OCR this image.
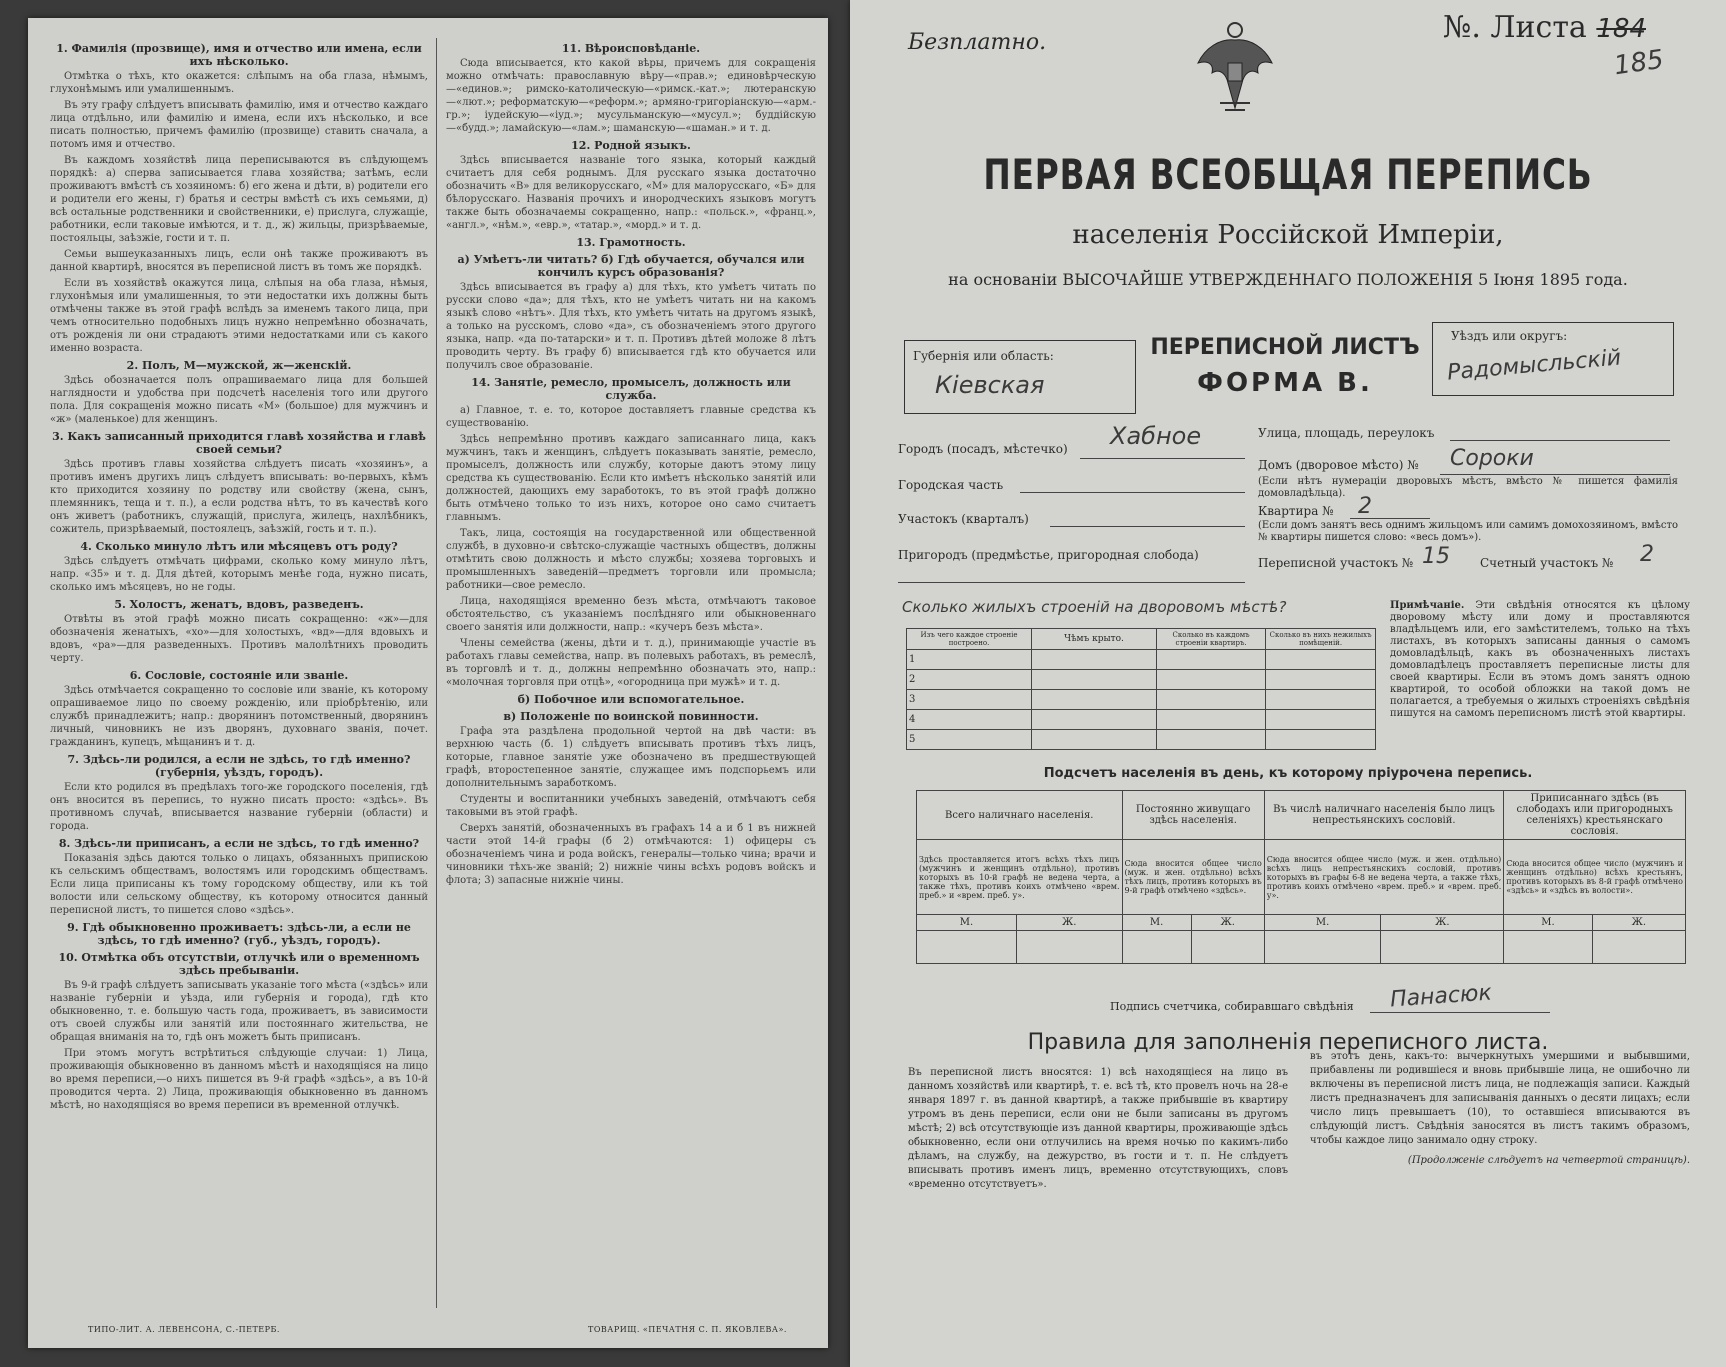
1. Фамилія (прозвище), имя и отчество или имена, если ихъ нѣсколько.

Отмѣтка о тѣхъ, кто окажется: слѣпымъ на оба глаза, нѣмымъ, глухонѣмымъ или умалишеннымъ.

Въ эту графу слѣдуетъ вписывать фамилію, имя и отчество каждаго лица отдѣльно, или фамилію и имена, если ихъ нѣсколько, и все писать полностью, причемъ фамилію (прозвище) ставить сначала, а потомъ имя и отчество.

Въ каждомъ хозяйствѣ лица переписываются въ слѣдующемъ порядкѣ: а) сперва записывается глава хозяйства; затѣмъ, если проживаютъ вмѣстѣ съ хозяиномъ: б) его жена и дѣти, в) родители его и родители его жены, г) братья и сестры вмѣстѣ съ ихъ семьями, д) всѣ остальные родственники и свойственники, е) прислуга, служащіе, работники, если таковые имѣются, и т. д., ж) жильцы, призрѣваемые, постояльцы, заѣзжіе, гости и т. п.

Семьи вышеуказанныхъ лицъ, если онѣ также проживаютъ въ данной квартирѣ, вносятся въ переписной листъ въ томъ же порядкѣ.

Если въ хозяйствѣ окажутся лица, слѣпыя на оба глаза, нѣмыя, глухонѣмыя или умалишенныя, то эти недостатки ихъ должны быть отмѣчены также въ этой графѣ вслѣдъ за именемъ такого лица, при чемъ относительно подобныхъ лицъ нужно непремѣнно обозначать, отъ рожденія ли они страдаютъ этими недостатками или съ какого именно возраста.

2. Полъ, М—мужской, ж—женскій.

Здѣсь обозначается полъ опрашиваемаго лица для большей наглядности и удобства при подсчетѣ населенія того или другого пола. Для сокращенія можно писать «М» (большое) для мужчинъ и «ж» (маленькое) для женщинъ.

3. Какъ записанный приходится главѣ хозяйства и главѣ своей семьи?

Здѣсь противъ главы хозяйства слѣдуетъ писать «хозяинъ», а противъ именъ другихъ лицъ слѣдуетъ вписывать: во-первыхъ, кѣмъ кто приходится хозяину по родству или свойству (жена, сынъ, племянникъ, теща и т. п.), а если родства нѣтъ, то въ качествѣ кого онъ живетъ (работникъ, служащій, прислуга, жилецъ, нахлѣбникъ, сожитель, призрѣваемый, постоялецъ, заѣзжій, гость и т. п.).

4. Сколько минуло лѣтъ или мѣсяцевъ отъ роду?

Здѣсь слѣдуетъ отмѣчать цифрами, сколько кому минуло лѣтъ, напр. «35» и т. д. Для дѣтей, которымъ менѣе года, нужно писать, сколько имъ мѣсяцевъ, но не годы.

5. Холостъ, женатъ, вдовъ, разведенъ.

Отвѣты въ этой графѣ можно писать сокращенно: «ж»—для обозначенія женатыхъ, «хо»—для холостыхъ, «вд»—для вдовыхъ и вдовъ, «ра»—для разведенныхъ. Противъ малолѣтнихъ проводить черту.

6. Сословіе, состояніе или званіе.

Здѣсь отмѣчается сокращенно то сословіе или званіе, къ которому опрашиваемое лицо по своему рожденію, или пріобрѣтенію, или службѣ принадлежитъ; напр.: дворянинъ потомственный, дворянинъ личный, чиновникъ не изъ дворянъ, духовнаго званія, почет. гражданинъ, купецъ, мѣщанинъ и т. д.

7. Здѣсь-ли родился, а если не здѣсь, то гдѣ именно? (губернія, уѣздъ, городъ).

Если кто родился въ предѣлахъ того-же городского поселенія, гдѣ онъ вносится въ перепись, то нужно писать просто: «здѣсь». Въ противномъ случаѣ, вписывается название губерніи (области) и города.

8. Здѣсь-ли приписанъ, а если не здѣсь, то гдѣ именно?

Показанія здѣсь даются только о лицахъ, обязанныхъ припискою къ сельскимъ обществамъ, волостямъ или городскимъ обществамъ. Если лица приписаны къ тому городскому обществу, или къ той волости или сельскому обществу, къ которому относится данный переписной листъ, то пишется слово «здѣсь».

9. Гдѣ обыкновенно проживаетъ: здѣсь-ли, а если не здѣсь, то гдѣ именно? (губ., уѣздъ, городъ).
10. Отмѣтка объ отсутствіи, отлучкѣ или о временномъ здѣсь пребываніи.

Въ 9-й графѣ слѣдуетъ записывать указаніе того мѣста («здѣсь» или названіе губерніи и уѣзда, или губернія и города), гдѣ кто обыкновенно, т. е. большую часть года, проживаетъ, въ зависимости отъ своей службы или занятій или постояннаго жительства, не обращая вниманія на то, гдѣ онъ можетъ быть приписанъ.

При этомъ могутъ встрѣтиться слѣдующіе случаи: 1) Лица, проживающія обыкновенно въ данномъ мѣстѣ и находящіяся на лицо во время переписи,—о нихъ пишется въ 9-й графѣ «здѣсь», а въ 10-й проводится черта. 2) Лица, проживающія обыкновенно въ данномъ мѣстѣ, но находящіяся во время переписи въ временной отлучкѣ.

11. Вѣроисповѣданіе.

Сюда вписывается, кто какой вѣры, причемъ для сокращенія можно отмѣчать: православную вѣру—«прав.»; единовѣрческую—«единов.»; римско-католическую—«римск.-кат.»; лютеранскую—«лют.»; реформатскую—«реформ.»; армяно-григоріанскую—«арм.-гр.»; іудейскую—«іуд.»; мусульманскую—«мусул.»; буддійскую—«будд.»; ламайскую—«лам.»; шаманскую—«шаман.» и т. д.

12. Родной языкъ.

Здѣсь вписывается названіе того языка, который каждый считаетъ для себя роднымъ. Для русскаго языка достаточно обозначить «В» для великорусскаго, «М» для малорусскаго, «Б» для бѣлорусскаго. Названія прочихъ и инородческихъ языковъ могутъ также быть обозначаемы сокращенно, напр.: «польск.», «франц.», «англ.», «нѣм.», «евр.», «татар.», «морд.» и т. д.

13. Грамотность.
а) Умѣетъ-ли читать? б) Гдѣ обучается, обучался или кончилъ курсъ образованія?

Здѣсь вписывается въ графу а) для тѣхъ, кто умѣетъ читать по русски слово «да»; для тѣхъ, кто не умѣетъ читать ни на какомъ языкѣ слово «нѣтъ». Для тѣхъ, кто умѣетъ читать на другомъ языкѣ, а только на русскомъ, слово «да», съ обозначеніемъ этого другого языка, напр. «да по-татарски» и т. п. Противъ дѣтей моложе 8 лѣтъ проводить черту. Въ графу б) вписывается гдѣ кто обучается или получилъ свое образованіе.

14. Занятіе, ремесло, промыселъ, должность или служба.

а) Главное, т. е. то, которое доставляетъ главные средства къ существованію.

Здѣсь непремѣнно противъ каждаго записаннаго лица, какъ мужчинъ, такъ и женщинъ, слѣдуетъ показывать занятіе, ремесло, промыселъ, должность или службу, которые даютъ этому лицу средства къ существованію. Если кто имѣетъ нѣсколько занятій или должностей, дающихъ ему заработокъ, то въ этой графѣ должно быть отмѣчено только то изъ нихъ, которое оно само считаетъ главнымъ.

Такъ, лица, состоящія на государственной или общественной службѣ, в духовно-и свѣтско-служащіе частныхъ обществъ, должны отмѣтить свою должность и мѣсто службы; хозяева торговыхъ и промышленныхъ заведеній—предметъ торговли или промысла; работники—свое ремесло.

Лица, находящіяся временно безъ мѣста, отмѣчаютъ таковое обстоятельство, съ указаніемъ послѣдняго или обыкновеннаго своего занятія или должности, напр.: «кучеръ безъ мѣста».

Члены семейства (жены, дѣти и т. д.), принимающіе участіе въ работахъ главы семейства, напр. въ полевыхъ работахъ, въ ремеслѣ, въ торговлѣ и т. д., должны непремѣнно обозначать это, напр.: «молочная торговля при отцѣ», «огородница при мужѣ» и т. д.

б) Побочное или вспомогательное.
в) Положеніе по воинской повинности.

Графа эта раздѣлена продольной чертой на двѣ части: въ верхнюю часть (б. 1) слѣдуетъ вписывать противъ тѣхъ лицъ, которые, главное занятіе уже обозначено въ предшествующей графѣ, второстепенное занятіе, служащее имъ подспорьемъ или дополнительнымъ заработкомъ.

Студенты и воспитанники учебныхъ заведеній, отмѣчаютъ себя таковыми въ этой графѣ.

Сверхъ занятій, обозначенныхъ въ графахъ 14 а и б 1 въ нижней части этой 14-й графы (б 2) отмѣчаются: 1) офицеры съ обозначеніемъ чина и рода войскъ, генералы—только чина; врачи и чиновники тѣхъ-же званій; 2) нижніе чины всѣхъ родовъ войскъ и флота; 3) запасные нижніе чины.

ТИПО-ЛИТ. А. ЛЕВЕНСОНА, С.-ПЕТЕРБ.	ТОВАРИЩ. «ПЕЧАТНЯ С. П. ЯКОВЛЕВА».
Безплатно.	№. Листа 184
185
ПЕРВАЯ ВСЕОБЩАЯ ПЕРЕПИСЬ
населенія Россійской Имперіи,
на основаніи ВЫСОЧАЙШЕ УТВЕРЖДЕННАГО ПОЛОЖЕНІЯ 5 Іюня 1895 года.
Губернія или область:
Кіевская
ПЕРЕПИСНОЙ ЛИСТЪ
ФОРМА В.
Уѣздъ или округъ:
Радомысльскій
Городъ (посадъ, мѣстечко) Хабное
Городская часть
Участокъ (кварталъ)
Пригородъ (предмѣстье, пригородная слобода)
Улица, площадь, переулокъ
Домъ (дворовое мѣсто) № Сороки
(Если нѣтъ нумераціи дворовыхъ мѣстъ, вмѣсто № пишется фамилія домовладѣльца).
Квартира № 2
(Если домъ занятъ весь однимъ жильцомъ или самимъ домохозяиномъ, вмѣсто № квартиры пишется слово: «весь домъ»).
Переписной участокъ № 15	Счетный участокъ № 2
Сколько жилыхъ строеній на дворовомъ мѣстѣ?
Изъ чего каждое строеніе построено.	Чѣмъ крыто.	Сколько въ каждомъ строеніи квартиръ.	Сколько въ нихъ нежилыхъ помѣщеній.
1			
2			
3			
4			
5			
Примѣчаніе. Эти свѣдѣнія относятся къ цѣлому дворовому мѣсту или дому и проставляются владѣльцемъ или, его замѣстителемъ, только на тѣхъ листахъ, въ которыхъ записаны данныя о самомъ домовладѣльцѣ, какъ въ обозначенныхъ листахъ домовладѣлецъ проставляетъ переписные листы для своей квартиры. Если въ этомъ домъ занятъ одною квартирой, то особой обложки на такой домъ не полагается, а требуемыя о жилыхъ строеніяхъ свѣдѣнія пишутся на самомъ переписномъ листѣ этой квартиры.
Подсчетъ населенія въ день, къ которому пріурочена перепись.
Всего наличнаго населенія.		Постоянно живущаго здѣсь населенія.		Въ числѣ наличнаго населенія было лицъ непрестьянскихъ сословій.		Приписаннаго здѣсь (въ слободахъ или пригородныхъ селеніяхъ) крестьянскаго сословія.	
Здѣсь проставляется итогъ всѣхъ тѣхъ лицъ (мужчинъ и женщинъ отдѣльно), противъ которыхъ въ 10-й графѣ не ведена черта, а также тѣхъ, противъ коихъ отмѣчено «врем. преб.» и «врем. преб. у».		Сюда вносится общее число (муж. и жен. отдѣльно) всѣхъ тѣхъ лицъ, противъ которыхъ въ 9-й графѣ отмѣчено «здѣсь».		Сюда вносится общее число (муж. и жен. отдѣльно) всѣхъ лицъ непрестьянскихъ сословій, противъ которыхъ въ графы 6-8 не ведена черта, а также тѣхъ, противъ коихъ отмѣчено «врем. преб.» и «врем. преб. у».		Сюда вносится общее число (мужчинъ и женщинъ отдѣльно) всѣхъ крестьянъ, противъ которыхъ въ 8-й графѣ отмѣчено «здѣсь» и «здѣсь въ волости».	
М.	Ж.	М.	Ж.	М.	Ж.	М.	Ж.

Подпись счетчика, собиравшаго свѣдѣнія Панасюк
Правила для заполненія переписного листа.
Въ переписной листъ вносятся: 1) всѣ находящіеся на лицо въ данномъ хозяйствѣ или квартирѣ, т. е. всѣ тѣ, кто провелъ ночь на 28-е января 1897 г. въ данной квартирѣ, а также прибывшіе въ квартиру утромъ въ день переписи, если они не были записаны въ другомъ мѣстѣ; 2) всѣ отсутствующіе изъ данной квартиры, проживающіе здѣсь обыкновенно, если они отлучились на время ночью по какимъ-либо дѣламъ, на службу, на дежурство, въ гости и т. п. Не слѣдуетъ вписывать противъ именъ лицъ, временно отсутствующихъ, словъ «временно отсутствуетъ».
въ этотъ день, какъ-то: вычеркнутыхъ умершими и выбывшими, прибавлены ли родившіеся и вновь прибывшіе лица, не ошибочно ли включены въ переписной листъ лица, не подлежащія записи. Каждый листъ предназначенъ для записыванія данныхъ о десяти лицахъ; если число лицъ превышаетъ (10), то оставшіеся вписываются въ слѣдующій листъ. Свѣдѣнія заносятся въ листъ такимъ образомъ, чтобы каждое лицо занимало одну строку.
(Продолженіе слѣдуетъ на четвертой страницѣ).
